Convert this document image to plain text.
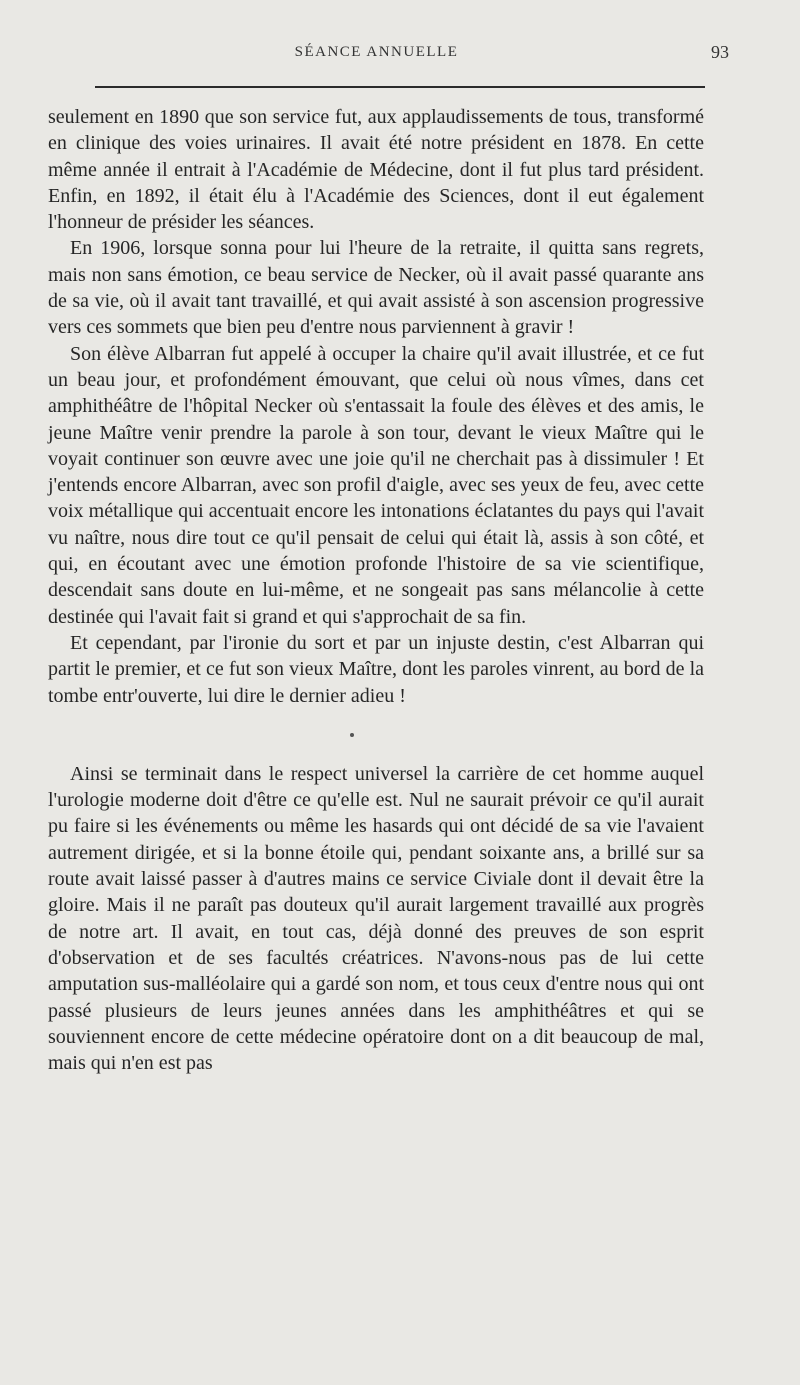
SÉANCE ANNUELLE	93

seulement en 1890 que son service fut, aux applaudissements de tous, transformé en clinique des voies urinaires. Il avait été notre président en 1878. En cette même année il entrait à l'Académie de Médecine, dont il fut plus tard président. Enfin, en 1892, il était élu à l'Académie des Sciences, dont il eut également l'honneur de présider les séances.

En 1906, lorsque sonna pour lui l'heure de la retraite, il quitta sans regrets, mais non sans émotion, ce beau service de Necker, où il avait passé quarante ans de sa vie, où il avait tant travaillé, et qui avait assisté à son ascension progressive vers ces sommets que bien peu d'entre nous parviennent à gravir !

Son élève Albarran fut appelé à occuper la chaire qu'il avait illustrée, et ce fut un beau jour, et profondément émouvant, que celui où nous vîmes, dans cet amphithéâtre de l'hôpital Necker où s'entassait la foule des élèves et des amis, le jeune Maître venir prendre la parole à son tour, devant le vieux Maître qui le voyait continuer son œuvre avec une joie qu'il ne cherchait pas à dissimuler ! Et j'entends encore Albarran, avec son profil d'aigle, avec ses yeux de feu, avec cette voix métallique qui accentuait encore les intonations éclatantes du pays qui l'avait vu naître, nous dire tout ce qu'il pensait de celui qui était là, assis à son côté, et qui, en écoutant avec une émotion profonde l'histoire de sa vie scientifique, descendait sans doute en lui-même, et ne songeait pas sans mélancolie à cette destinée qui l'avait fait si grand et qui s'approchait de sa fin.

Et cependant, par l'ironie du sort et par un injuste destin, c'est Albarran qui partit le premier, et ce fut son vieux Maître, dont les paroles vinrent, au bord de la tombe entr'ouverte, lui dire le dernier adieu !

Ainsi se terminait dans le respect universel la carrière de cet homme auquel l'urologie moderne doit d'être ce qu'elle est. Nul ne saurait prévoir ce qu'il aurait pu faire si les événements ou même les hasards qui ont décidé de sa vie l'avaient autrement dirigée, et si la bonne étoile qui, pendant soixante ans, a brillé sur sa route avait laissé passer à d'autres mains ce service Civiale dont il devait être la gloire. Mais il ne paraît pas douteux qu'il aurait largement travaillé aux progrès de notre art. Il avait, en tout cas, déjà donné des preuves de son esprit d'observation et de ses facultés créatrices. N'avons-nous pas de lui cette amputation sus-malléolaire qui a gardé son nom, et tous ceux d'entre nous qui ont passé plusieurs de leurs jeunes années dans les amphithéâtres et qui se souviennent encore de cette médecine opératoire dont on a dit beaucoup de mal, mais qui n'en est pas
